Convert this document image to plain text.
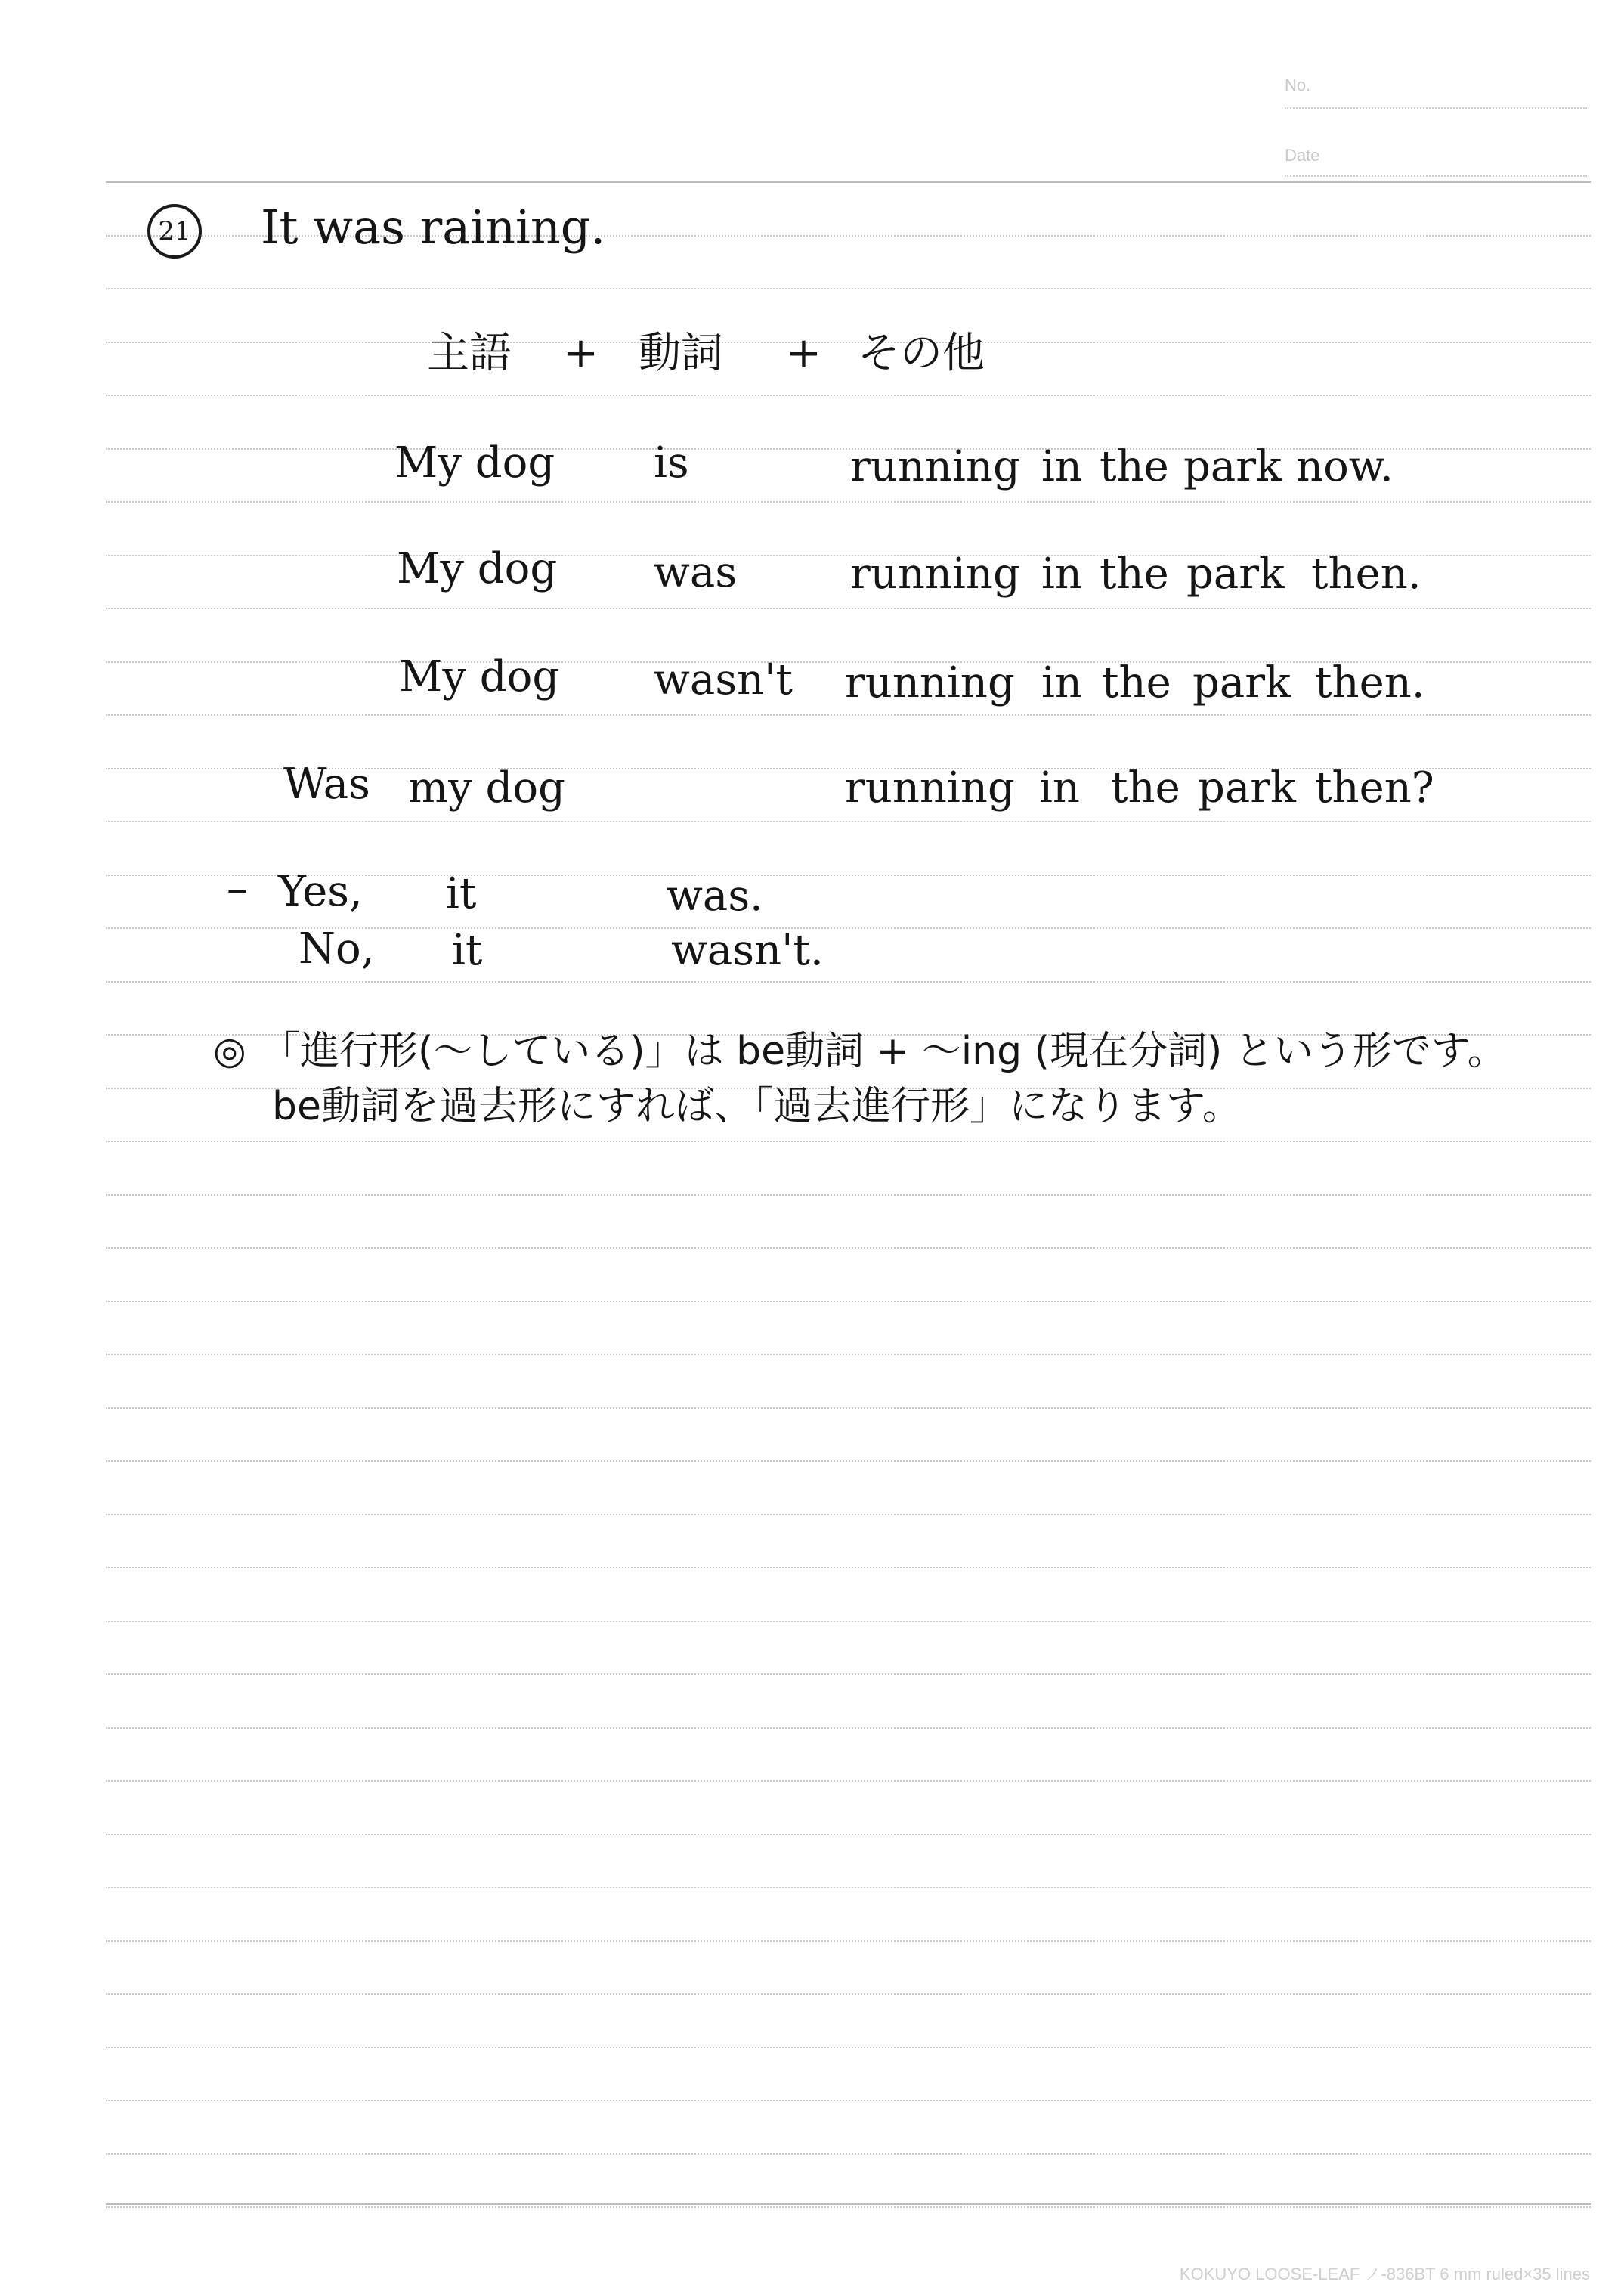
No.
Date
21 It was raining.
主語 + 動詞 + その他
My dog is	running in the park now.
My dog was	running in the park then.
My dog wasn't running in the park then.
Was my dog	running in the park then?
– Yes, it	was.
No, it	wasn't.
◎ 「進行形(～している)」は be動詞 + ～ing (現在分詞) という形です。
be動詞を過去形にすれば、「過去進行形」になります。
KOKUYO LOOSE-LEAF ノ-836BT 6 mm ruled×35 lines
